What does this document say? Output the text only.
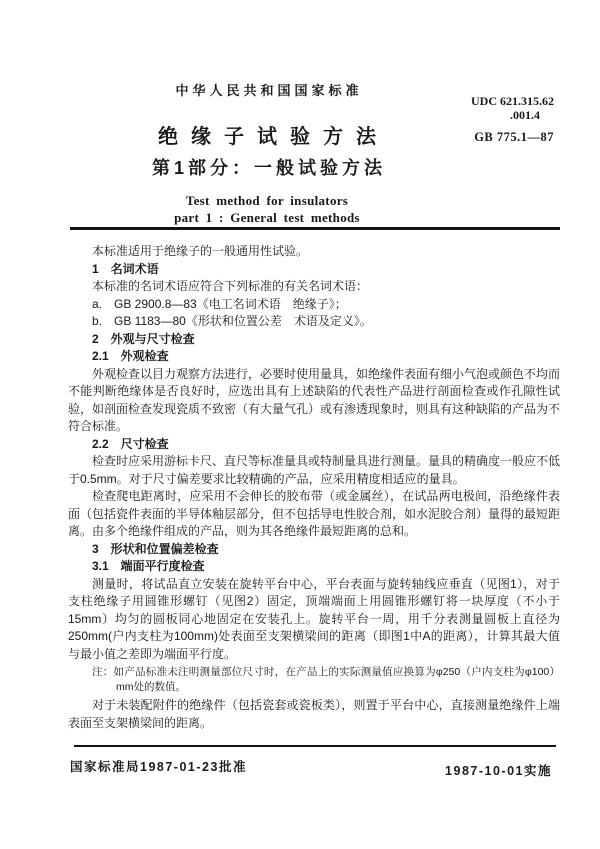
中华人民共和国国家标准
绝缘子试验方法
第1部分：一般试验方法
Test method for insulators
part 1 : General test methods
UDC 621.315.62
.001.4
GB 775.1—87

本标准适用于绝缘子的一般通用性试验。

1　名词术语

本标准的名词术语应符合下列标准的有关名词术语：

a.　GB 2900.8—83《电工名词术语　绝缘子》；

b.　GB 1183—80《形状和位置公差　术语及定义》。

2　外观与尺寸检查

2.1　外观检查

外观检查以目力观察方法进行，必要时使用量具，如绝缘件表面有细小气泡或颜色不均而不能判断绝缘体是否良好时，应选出具有上述缺陷的代表性产品进行剖面检查或作孔隙性试验，如剖面检查发现瓷质不致密（有大量气孔）或有渗透现象时，则具有这种缺陷的产品为不符合标准。

2.2　尺寸检查

检查时应采用游标卡尺、直尺等标准量具或特制量具进行测量。量具的精确度一般应不低于0.5mm。对于尺寸偏差要求比较精确的产品，应采用精度相适应的量具。

检查爬电距离时，应采用不会伸长的胶布带（或金属丝），在试品两电极间，沿绝缘件表面（包括瓷件表面的半导体釉层部分，但不包括导电性胶合剂，如水泥胶合剂）量得的最短距离。由多个绝缘件组成的产品，则为其各绝缘件最短距离的总和。

3　形状和位置偏差检查

3.1　端面平行度检查

测量时，将试品直立安装在旋转平台中心，平台表面与旋转轴线应垂直（见图1），对于支柱绝缘子用圆锥形螺钉（见图2）固定，顶端端面上用圆锥形螺钉将一块厚度（不小于15mm）均匀的圆板同心地固定在安装孔上。旋转平台一周，用千分表测量圆板上直径为250mm(户内支柱为100mm)处表面至支架横梁间的距离（即图1中A的距离），计算其最大值与最小值之差即为端面平行度。

注：如产品标准未注明测量部位尺寸时，在产品上的实际测量值应换算为φ250（户内支柱为φ100）mm处的数值。

对于未装配附件的绝缘件（包括瓷套或瓷板类），则置于平台中心，直接测量绝缘件上端表面至支架横梁间的距离。

国家标准局1987-01-23批准	1987-10-01实施
